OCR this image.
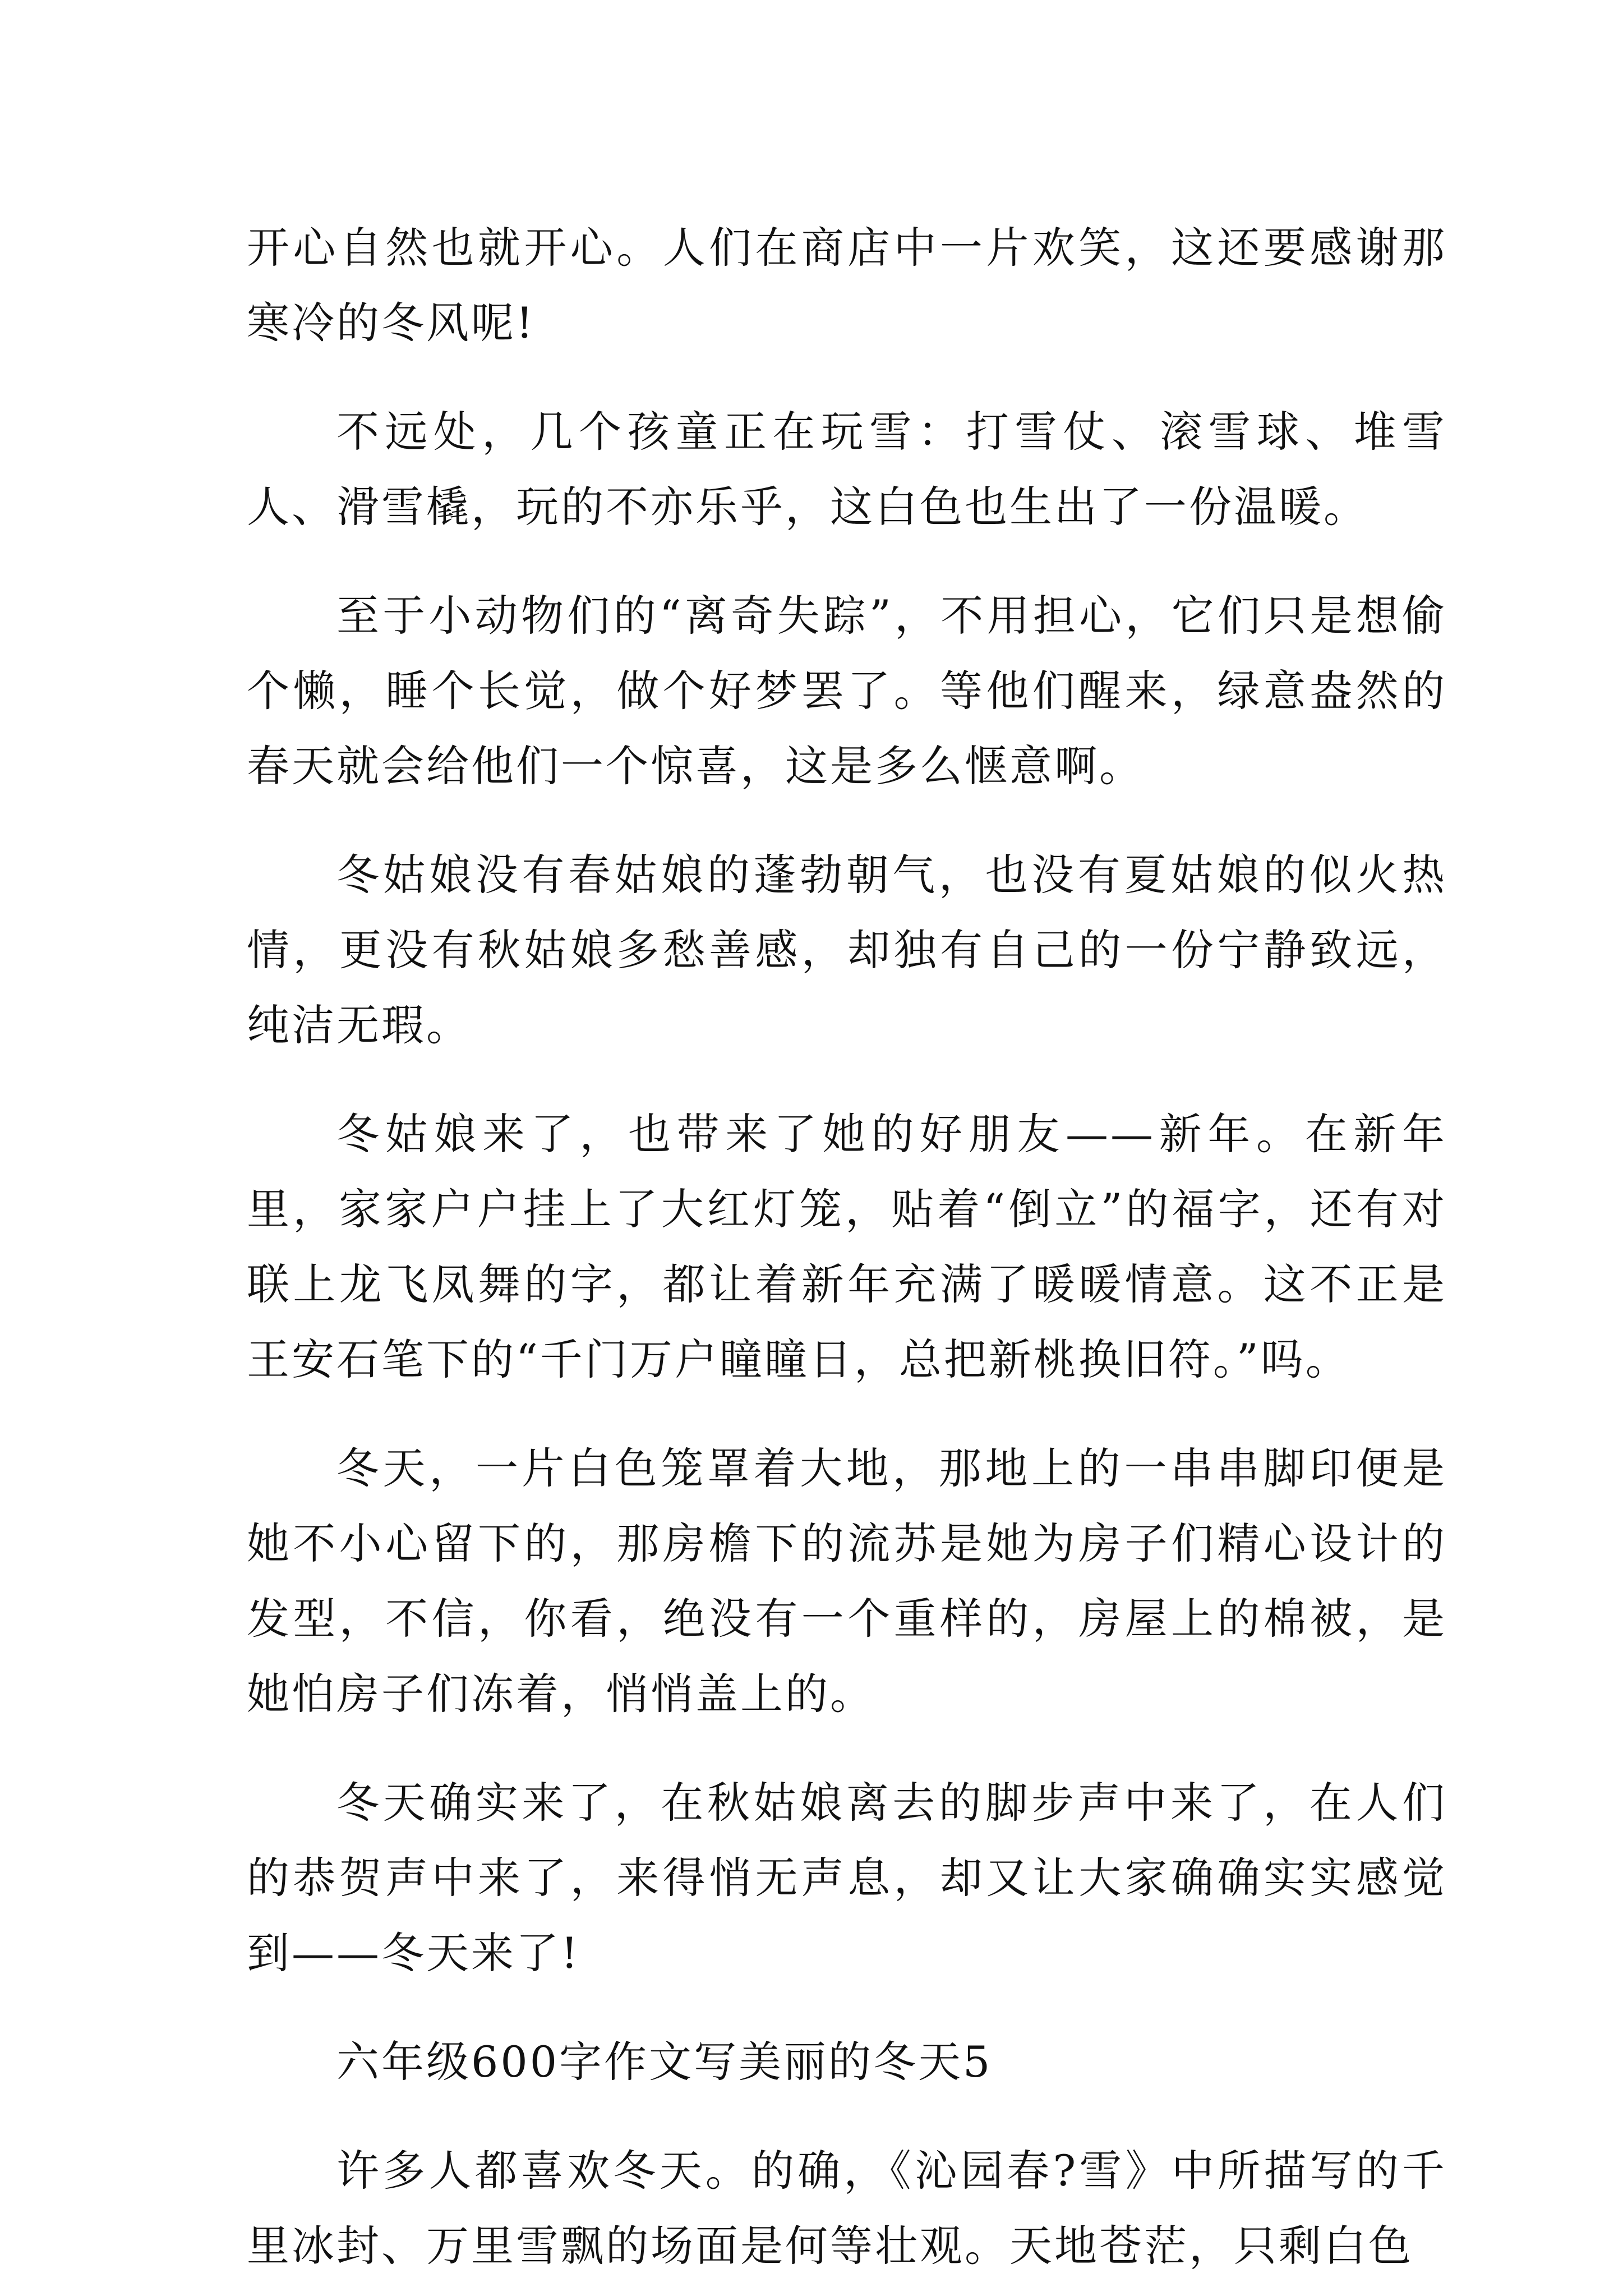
开心自然也就开心。人们在商店中一片欢笑，这还要感谢那寒冷的冬风呢!

不远处，几个孩童正在玩雪：打雪仗、滚雪球、堆雪人、滑雪橇，玩的不亦乐乎，这白色也生出了一份温暖。

至于小动物们的“离奇失踪”，不用担心，它们只是想偷个懒，睡个长觉，做个好梦罢了。等他们醒来，绿意盎然的春天就会给他们一个惊喜，这是多么惬意啊。

冬姑娘没有春姑娘的蓬勃朝气，也没有夏姑娘的似火热情，更没有秋姑娘多愁善感，却独有自己的一份宁静致远，纯洁无瑕。

冬姑娘来了，也带来了她的好朋友——新年。在新年里，家家户户挂上了大红灯笼，贴着“倒立”的福字，还有对联上龙飞凤舞的字，都让着新年充满了暖暖情意。这不正是王安石笔下的“千门万户瞳瞳日，总把新桃换旧符。”吗。

冬天，一片白色笼罩着大地，那地上的一串串脚印便是她不小心留下的，那房檐下的流苏是她为房子们精心设计的发型，不信，你看，绝没有一个重样的，房屋上的棉被，是她怕房子们冻着，悄悄盖上的。

冬天确实来了，在秋姑娘离去的脚步声中来了，在人们的恭贺声中来了，来得悄无声息，却又让大家确确实实感觉到——冬天来了!

六年级600字作文写美丽的冬天5

许多人都喜欢冬天。的确，《沁园春?雪》中所描写的千里冰封、万里雪飘的场面是何等壮观。天地苍茫，只剩白色
